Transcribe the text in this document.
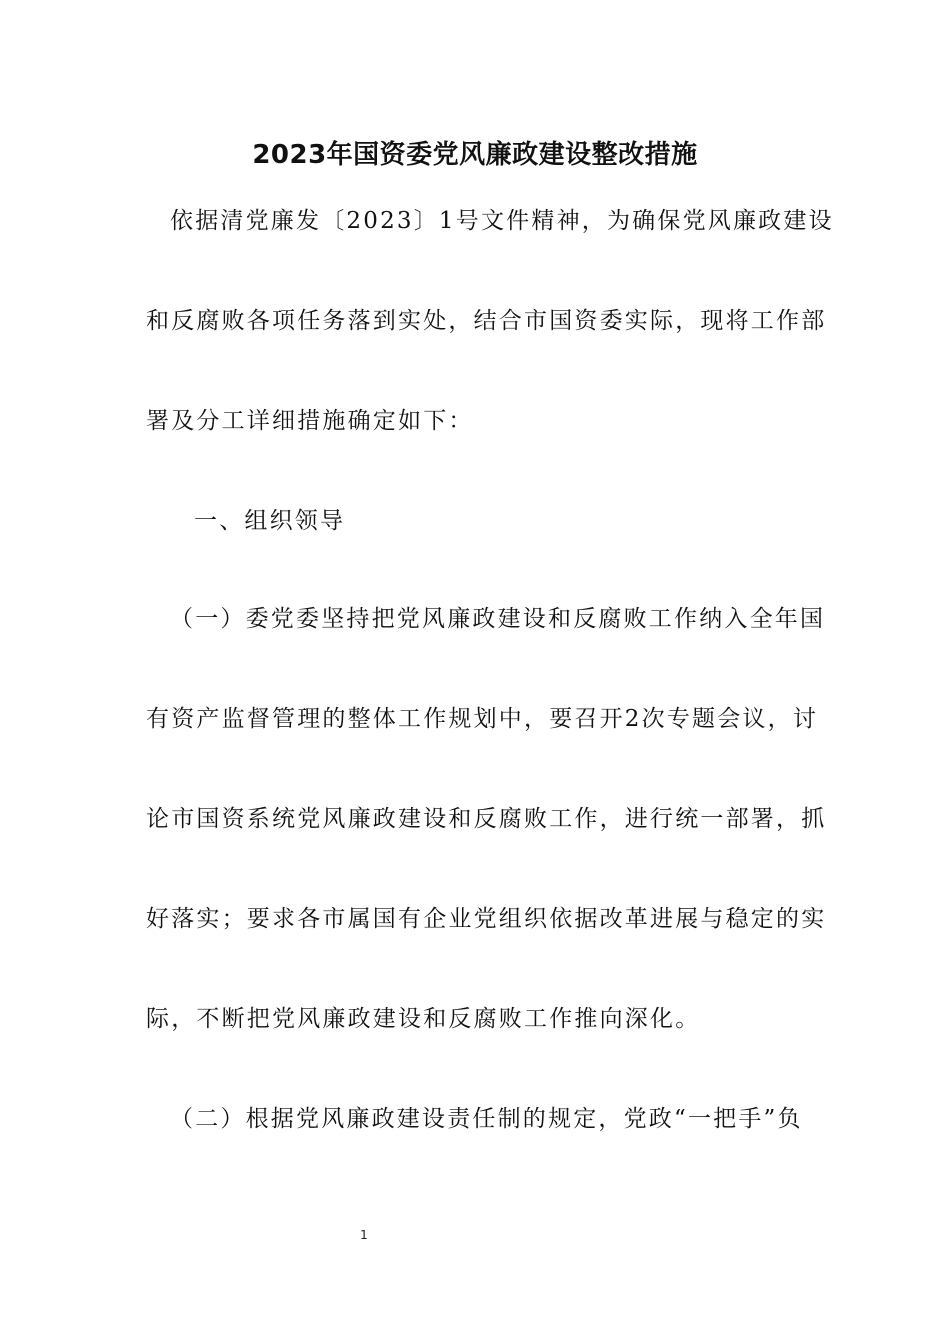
2023年国资委党风廉政建设整改措施
依据清党廉发〔2023〕1号文件精神，为确保党风廉政建设
和反腐败各项任务落到实处，结合市国资委实际，现将工作部
署及分工详细措施确定如下：
一、组织领导
（一）委党委坚持把党风廉政建设和反腐败工作纳入全年国
有资产监督管理的整体工作规划中，要召开2次专题会议，讨
论市国资系统党风廉政建设和反腐败工作，进行统一部署，抓
好落实；要求各市属国有企业党组织依据改革进展与稳定的实
际，不断把党风廉政建设和反腐败工作推向深化。
（二）根据党风廉政建设责任制的规定，党政“一把手”负
1
